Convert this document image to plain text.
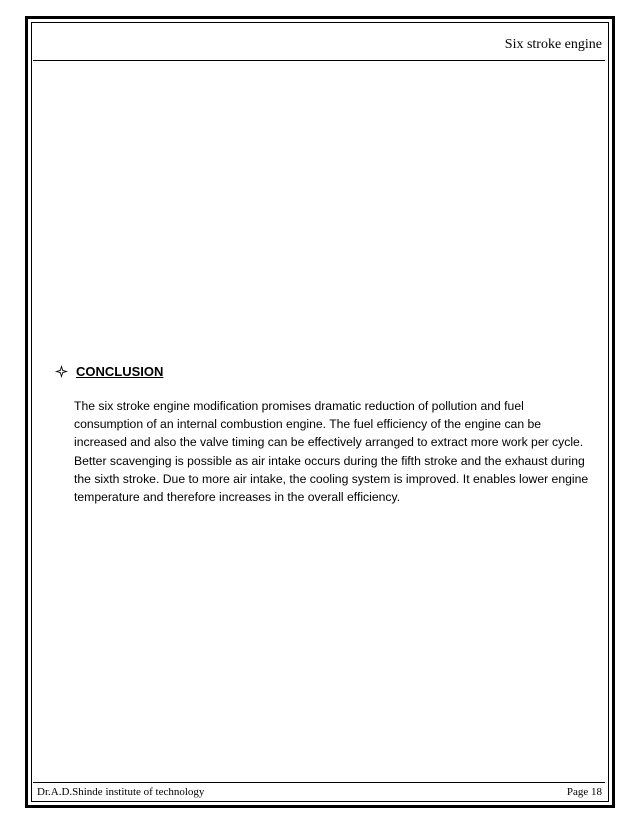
Six stroke engine
CONCLUSION
The six stroke engine modification promises dramatic reduction of pollution and fuel consumption of an internal combustion engine. The fuel efficiency of the engine can be increased and also the valve timing can be effectively arranged to extract more work per cycle. Better scavenging is possible as air intake occurs during the fifth stroke and the exhaust during the sixth stroke. Due to more air intake, the cooling system is improved. It enables lower engine temperature and therefore increases in the overall efficiency.
Dr.A.D.Shinde institute of technology	Page 18
